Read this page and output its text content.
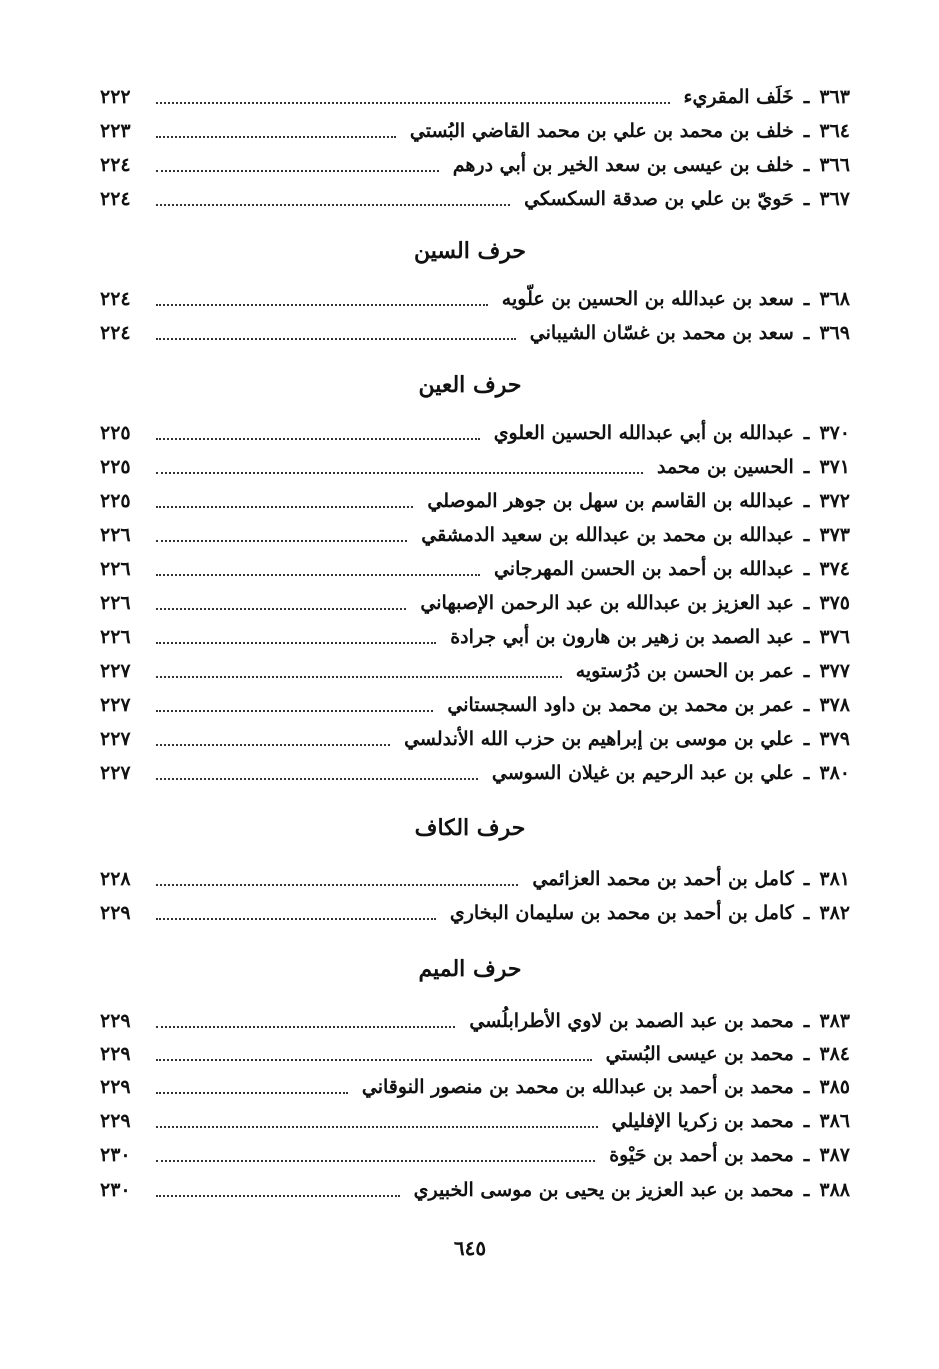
٣٦٣
ـ
خَلَف المقريء
٢٢٢
٣٦٤
ـ
خلف بن محمد بن علي بن محمد القاضي البُستي
٢٢٣
٣٦٦
ـ
خلف بن عيسى بن سعد الخير بن أبي درهم
٢٢٤
٣٦٧
ـ
حَويّ بن علي بن صدقة السكسكي
٢٢٤
حرف السين
٣٦٨
ـ
سعد بن عبدالله بن الحسين بن علّويه
٢٢٤
٣٦٩
ـ
سعد بن محمد بن غسّان الشيباني
٢٢٤
حرف العين
٣٧٠
ـ
عبدالله بن أبي عبدالله الحسين العلوي
٢٢٥
٣٧١
ـ
الحسين بن محمد
٢٢٥
٣٧٢
ـ
عبدالله بن القاسم بن سهل بن جوهر الموصلي
٢٢٥
٣٧٣
ـ
عبدالله بن محمد بن عبدالله بن سعيد الدمشقي
٢٢٦
٣٧٤
ـ
عبدالله بن أحمد بن الحسن المهرجاني
٢٢٦
٣٧٥
ـ
عبد العزيز بن عبدالله بن عبد الرحمن الإصبهاني
٢٢٦
٣٧٦
ـ
عبد الصمد بن زهير بن هارون بن أبي جرادة
٢٢٦
٣٧٧
ـ
عمر بن الحسن بن دُرُستويه
٢٢٧
٣٧٨
ـ
عمر بن محمد بن محمد بن داود السجستاني
٢٢٧
٣٧٩
ـ
علي بن موسى بن إبراهيم بن حزب الله الأندلسي
٢٢٧
٣٨٠
ـ
علي بن عبد الرحيم بن غيلان السوسي
٢٢٧
حرف الكاف
٣٨١
ـ
كامل بن أحمد بن محمد العزائمي
٢٢٨
٣٨٢
ـ
كامل بن أحمد بن محمد بن سليمان البخاري
٢٢٩
حرف الميم
٣٨٣
ـ
محمد بن عبد الصمد بن لاوي الأطرابلُسي
٢٢٩
٣٨٤
ـ
محمد بن عيسى البُستي
٢٢٩
٣٨٥
ـ
محمد بن أحمد بن عبدالله بن محمد بن منصور النوقاني
٢٢٩
٣٨٦
ـ
محمد بن زكريا الإفليلي
٢٢٩
٣٨٧
ـ
محمد بن أحمد بن حَيْوة
٢٣٠
٣٨٨
ـ
محمد بن عبد العزيز بن يحيى بن موسى الخبيري
٢٣٠
٦٤٥
